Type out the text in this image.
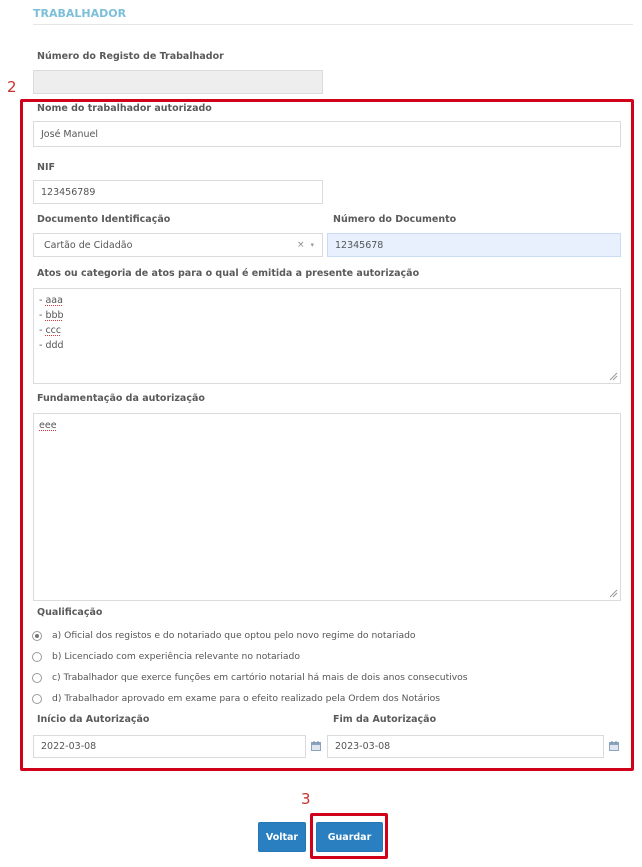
TRABALHADOR
Número do Registo de Trabalhador
2
Nome do trabalhador autorizado
José Manuel
NIF
123456789
Documento Identificação
Cartão de Cidadão	× ▾
Número do Documento
12345678
Atos ou categoria de atos para o qual é emitida a presente autorização
- aaa
- bbb
- ccc
- ddd
Fundamentação da autorização
eee
Qualificação
a) Oficial dos registos e do notariado que optou pelo novo regime do notariado
b) Licenciado com experiência relevante no notariado
c) Trabalhador que exerce funções em cartório notarial há mais de dois anos consecutivos
d) Trabalhador aprovado em exame para o efeito realizado pela Ordem dos Notários
Início da Autorização
2022-03-08
Fim da Autorização
2023-03-08
3
Voltar	Guardar
